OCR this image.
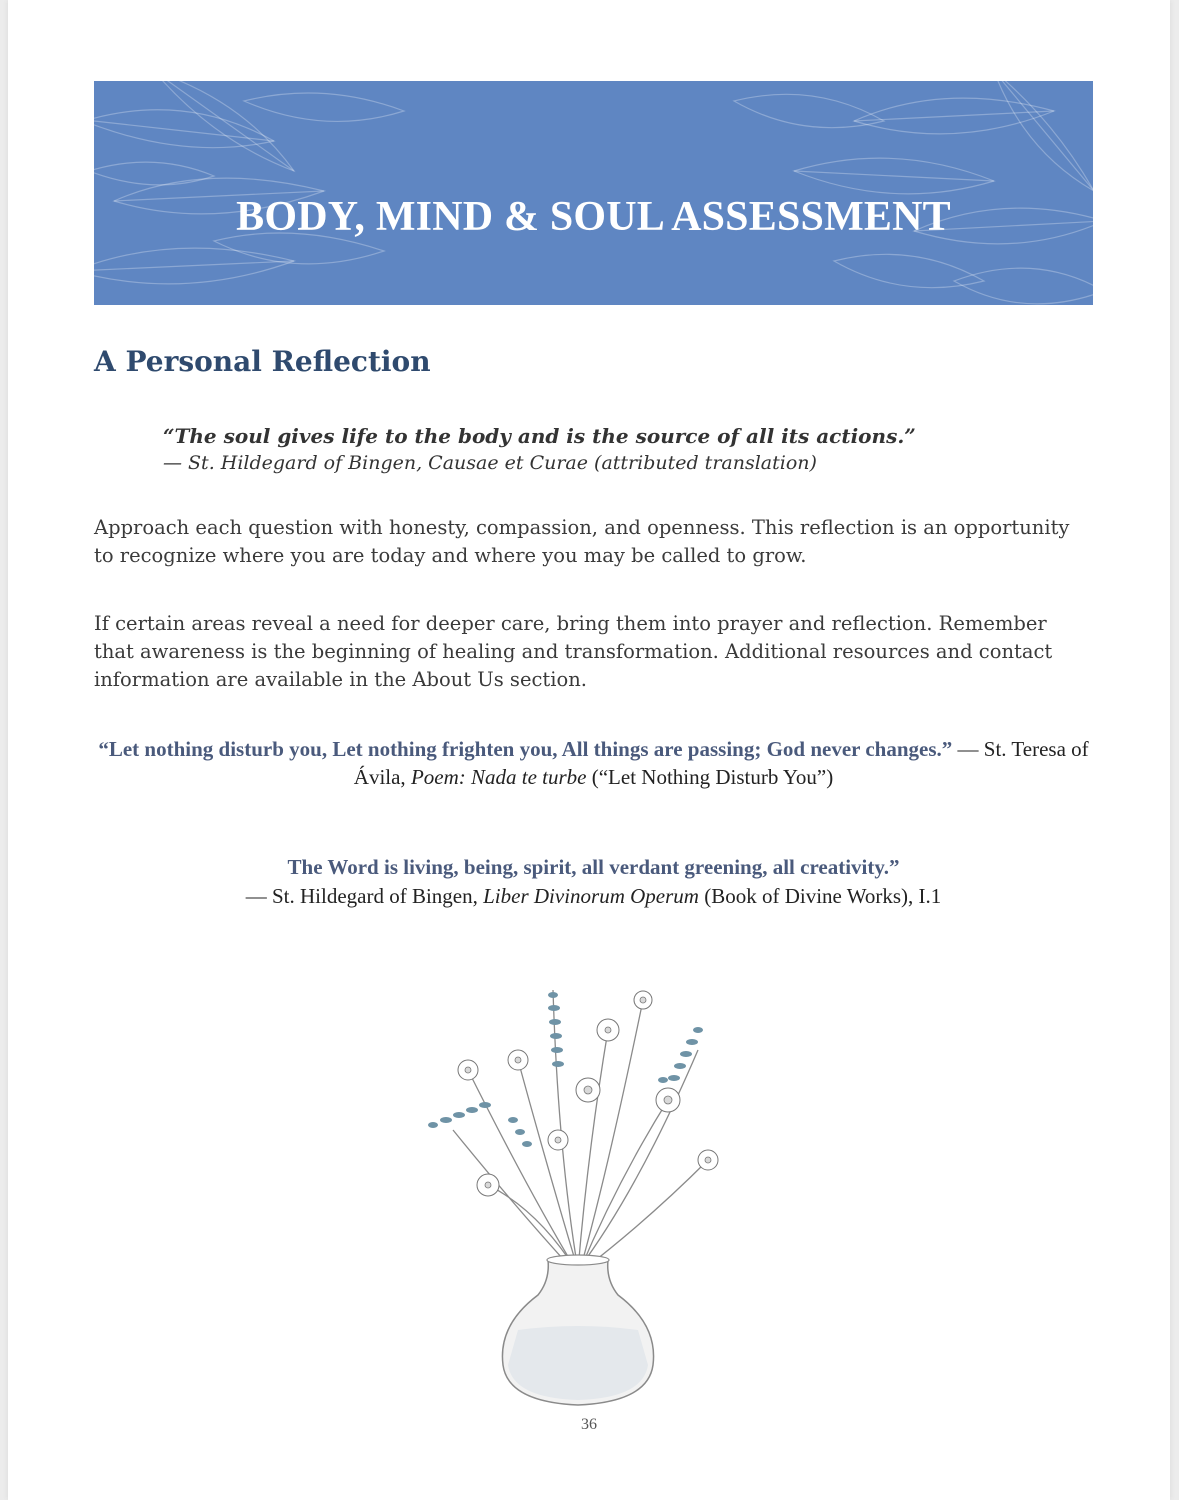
BODY, MIND & SOUL ASSESSMENT
A Personal Reflection
“The soul gives life to the body and is the source of all its actions.”
— St. Hildegard of Bingen, Causae et Curae (attributed translation)
Approach each question with honesty, compassion, and openness. This reflection is an opportunity to recognize where you are today and where you may be called to grow.
If certain areas reveal a need for deeper care, bring them into prayer and reflection. Remember that awareness is the beginning of healing and transformation. Additional resources and contact information are available in the About Us section.
“Let nothing disturb you, Let nothing frighten you, All things are passing; God never changes.” — St. Teresa of Ávila, Poem: Nada te turbe (“Let Nothing Disturb You”)
The Word is living, being, spirit, all verdant greening, all creativity.”
— St. Hildegard of Bingen, Liber Divinorum Operum (Book of Divine Works), I.1
36
